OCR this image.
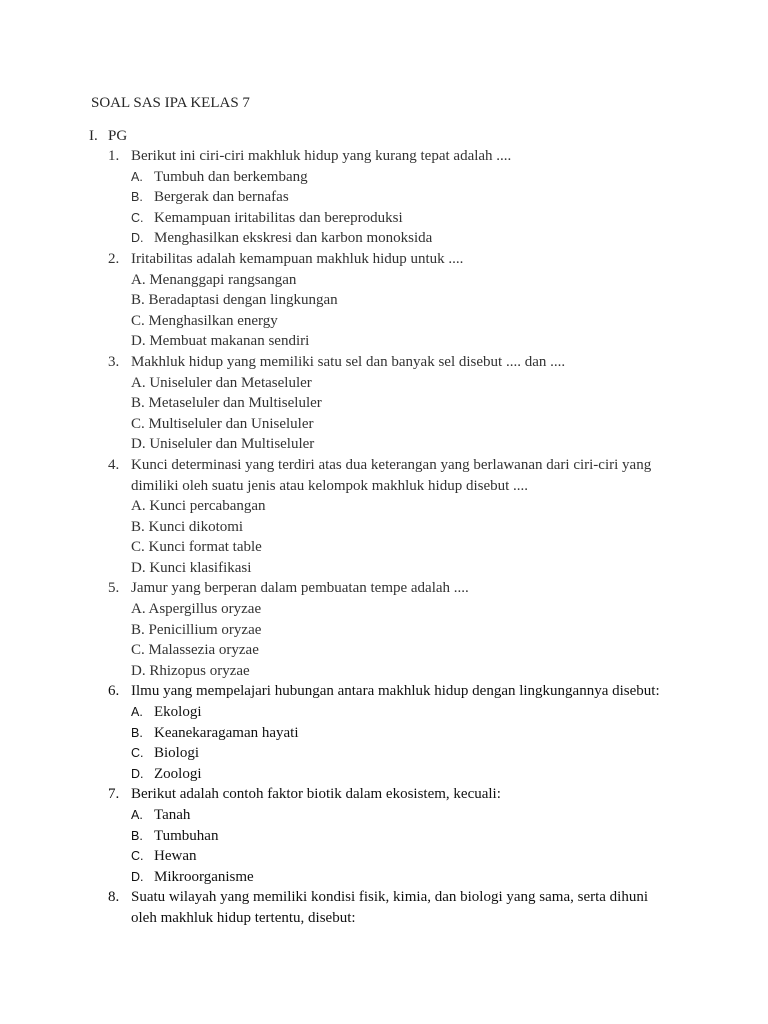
SOAL SAS IPA KELAS 7
I. PG
1. Berikut ini ciri-ciri makhluk hidup yang kurang tepat adalah ....
A. Tumbuh dan berkembang
B. Bergerak dan bernafas
C. Kemampuan iritabilitas dan bereproduksi
D. Menghasilkan ekskresi dan karbon monoksida
2. Iritabilitas adalah kemampuan makhluk hidup untuk ....
A. Menanggapi rangsangan
B. Beradaptasi dengan lingkungan
C. Menghasilkan energy
D. Membuat makanan sendiri
3. Makhluk hidup yang memiliki satu sel dan banyak sel disebut .... dan ....
A. Uniseluler dan Metaseluler
B. Metaseluler dan Multiseluler
C. Multiseluler dan Uniseluler
D. Uniseluler dan Multiseluler
4. Kunci determinasi yang terdiri atas dua keterangan yang berlawanan dari ciri-ciri yang
dimiliki oleh suatu jenis atau kelompok makhluk hidup disebut ....
A. Kunci percabangan
B. Kunci dikotomi
C. Kunci format table
D. Kunci klasifikasi
5. Jamur yang berperan dalam pembuatan tempe adalah ....
A. Aspergillus oryzae
B. Penicillium oryzae
C. Malassezia oryzae
D. Rhizopus oryzae
6. Ilmu yang mempelajari hubungan antara makhluk hidup dengan lingkungannya disebut:
A. Ekologi
B. Keanekaragaman hayati
C. Biologi
D. Zoologi
7. Berikut adalah contoh faktor biotik dalam ekosistem, kecuali:
A. Tanah
B. Tumbuhan
C. Hewan
D. Mikroorganisme
8. Suatu wilayah yang memiliki kondisi fisik, kimia, dan biologi yang sama, serta dihuni
oleh makhluk hidup tertentu, disebut:
